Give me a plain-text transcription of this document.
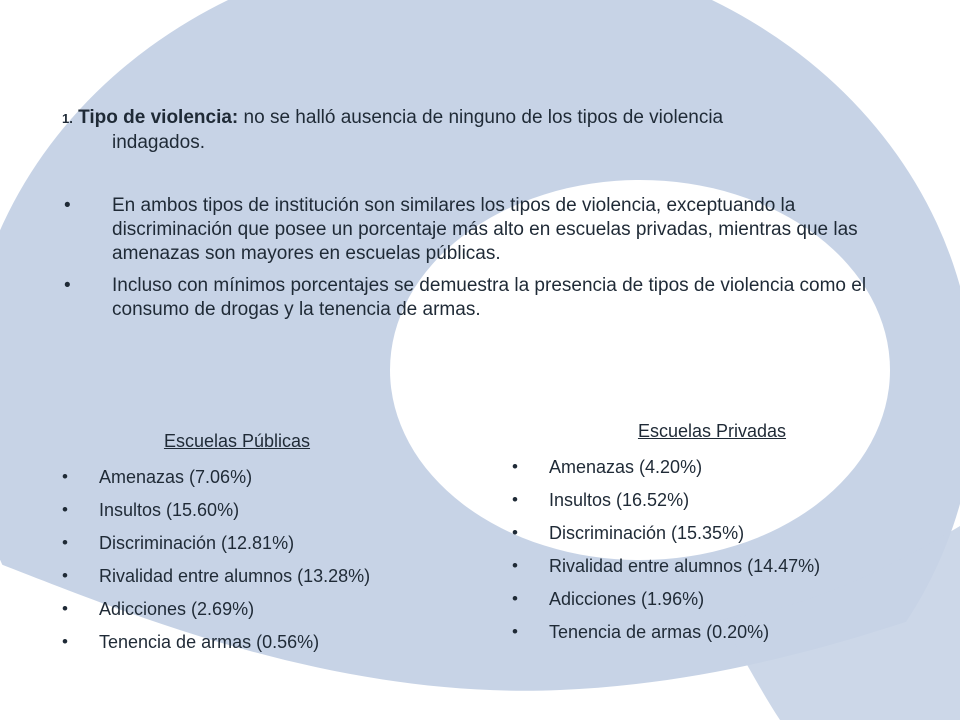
1. Tipo de violencia: no se halló ausencia de ninguno de los tipos de violencia
indagados.
• En ambos tipos de institución son similares los tipos de violencia, exceptuando la discriminación que posee un porcentaje más alto en escuelas privadas, mientras que las amenazas son mayores en escuelas públicas.
• Incluso con mínimos porcentajes se demuestra la presencia de tipos de violencia como el consumo de drogas y la tenencia de armas.
Escuelas Públicas
• Amenazas (7.06%)
• Insultos (15.60%)
• Discriminación (12.81%)
• Rivalidad entre alumnos (13.28%)
• Adicciones (2.69%)
• Tenencia de armas (0.56%)
Escuelas Privadas
• Amenazas (4.20%)
• Insultos (16.52%)
• Discriminación (15.35%)
• Rivalidad entre alumnos (14.47%)
• Adicciones (1.96%)
• Tenencia de armas (0.20%)
